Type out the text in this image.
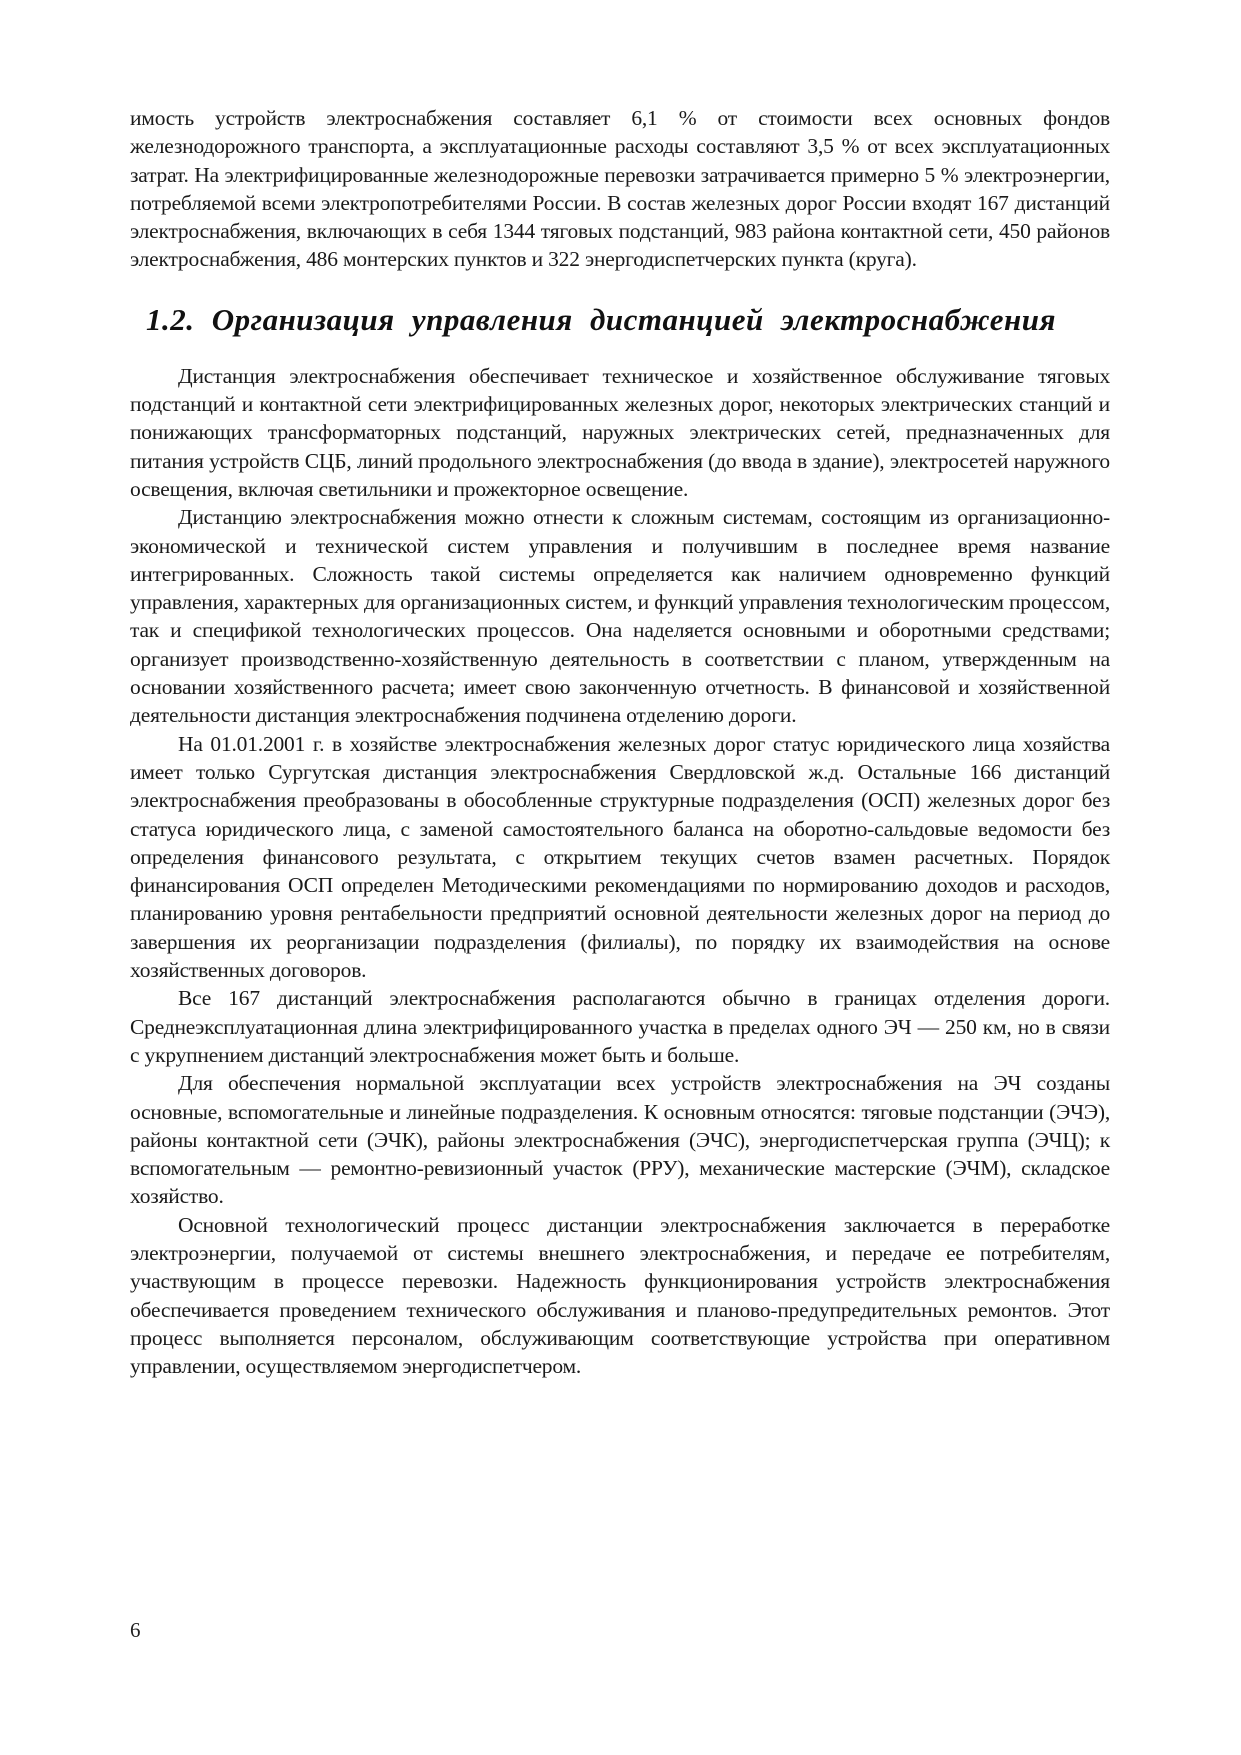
имость устройств электроснабжения составляет 6,1 % от стоимости всех основных фондов железнодорожного транспорта, а эксплуатационные расходы составляют 3,5 % от всех эксплуатационных затрат. На электрифицированные железнодорожные перевозки затрачивается примерно 5 % электроэнергии, потребляемой всеми электропотребителями России. В состав железных дорог России входят 167 дистанций электроснабжения, включающих в себя 1344 тяговых подстанций, 983 района контактной сети, 450 районов электроснабжения, 486 монтерских пунктов и 322 энергодиспетчерских пункта (круга).

1.2. Организация управления дистанцией электроснабжения

Дистанция электроснабжения обеспечивает техническое и хозяйственное обслуживание тяговых подстанций и контактной сети электрифицированных железных дорог, некоторых электрических станций и понижающих трансформаторных подстанций, наружных электрических сетей, предназначенных для питания устройств СЦБ, линий продольного электроснабжения (до ввода в здание), электросетей наружного освещения, включая светильники и прожекторное освещение.

Дистанцию электроснабжения можно отнести к сложным системам, состоящим из организационно-экономической и технической систем управления и получившим в последнее время название интегрированных. Сложность такой системы определяется как наличием одновременно функций управления, характерных для организационных систем, и функций управления технологическим процессом, так и спецификой технологических процессов. Она наделяется основными и оборотными средствами; организует производственно-хозяйственную деятельность в соответствии с планом, утвержденным на основании хозяйственного расчета; имеет свою законченную отчетность. В финансовой и хозяйственной деятельности дистанция электроснабжения подчинена отделению дороги.

На 01.01.2001 г. в хозяйстве электроснабжения железных дорог статус юридического лица хозяйства имеет только Сургутская дистанция электроснабжения Свердловской ж.д. Остальные 166 дистанций электроснабжения преобразованы в обособленные структурные подразделения (ОСП) железных дорог без статуса юридического лица, с заменой самостоятельного баланса на оборотно-сальдовые ведомости без определения финансового результата, с открытием текущих счетов взамен расчетных. Порядок финансирования ОСП определен Методическими рекомендациями по нормированию доходов и расходов, планированию уровня рентабельности предприятий основной деятельности железных дорог на период до завершения их реорганизации подразделения (филиалы), по порядку их взаимодействия на основе хозяйственных договоров.

Все 167 дистанций электроснабжения располагаются обычно в границах отделения дороги. Среднеэксплуатационная длина электрифицированного участка в пределах одного ЭЧ — 250 км, но в связи с укрупнением дистанций электроснабжения может быть и больше.

Для обеспечения нормальной эксплуатации всех устройств электроснабжения на ЭЧ созданы основные, вспомогательные и линейные подразделения. К основным относятся: тяговые подстанции (ЭЧЭ), районы контактной сети (ЭЧК), районы электроснабжения (ЭЧС), энергодиспетчерская группа (ЭЧЦ); к вспомогательным — ремонтно-ревизионный участок (РРУ), механические мастерские (ЭЧМ), складское хозяйство.

Основной технологический процесс дистанции электроснабжения заключается в переработке электроэнергии, получаемой от системы внешнего электроснабжения, и передаче ее потребителям, участвующим в процессе перевозки. Надежность функционирования устройств электроснабжения обеспечивается проведением технического обслуживания и планово-предупредительных ремонтов. Этот процесс выполняется персоналом, обслуживающим соответствующие устройства при оперативном управлении, осуществляемом энергодиспетчером.

6
